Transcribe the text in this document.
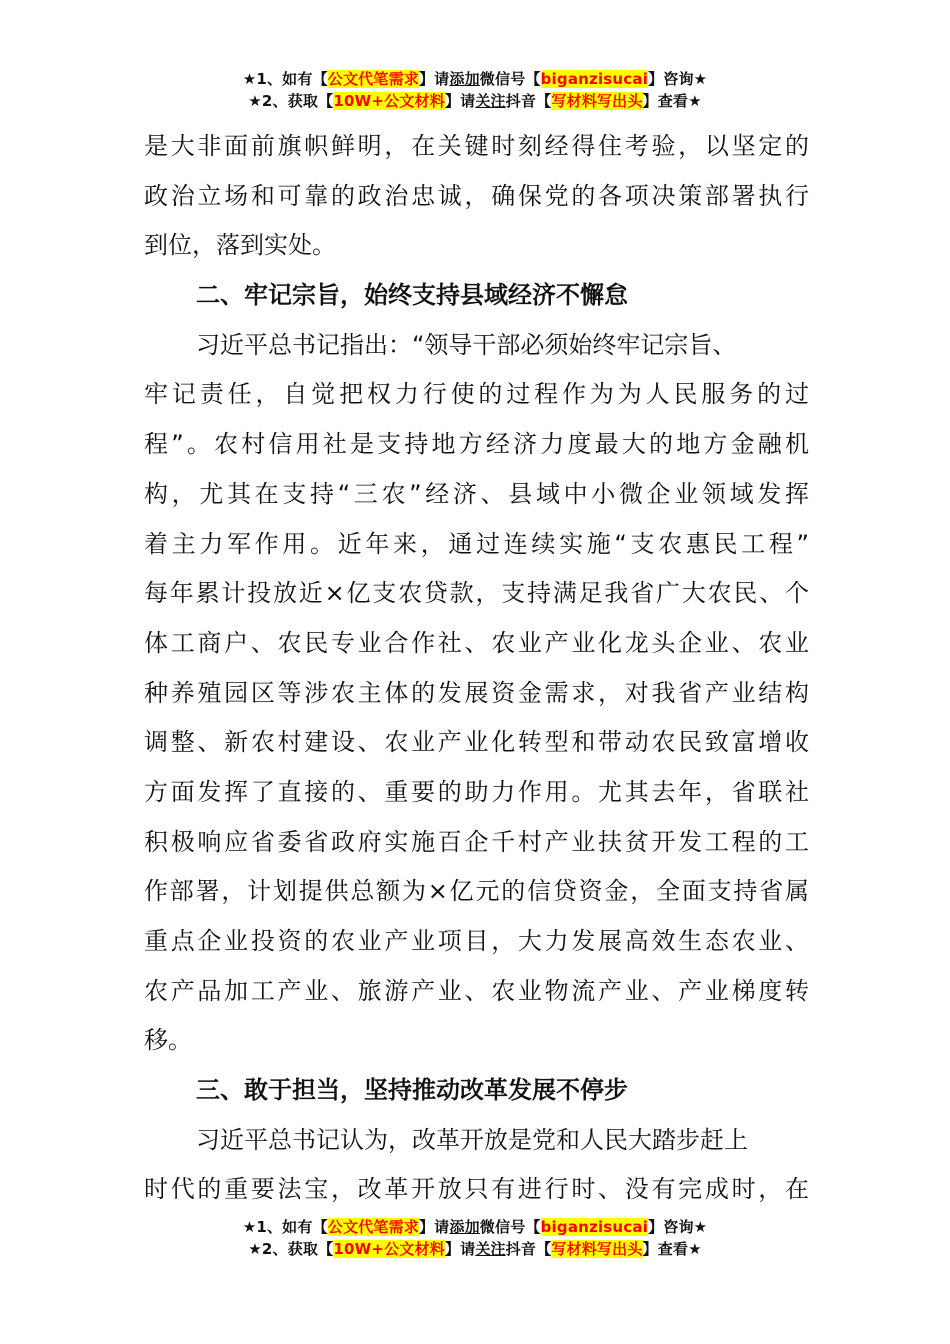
★1、如有【公文代笔需求】请添加微信号【biganzisucai】咨询★
★2、获取【10W+公文材料】请关注抖音【写材料写出头】查看★
是大非面前旗帜鲜明，在关键时刻经得住考验，以坚定的
政治立场和可靠的政治忠诚，确保党的各项决策部署执行
到位，落到实处。
二、牢记宗旨，始终支持县域经济不懈怠
习近平总书记指出：“领导干部必须始终牢记宗旨、
牢记责任，自觉把权力行使的过程作为为人民服务的过
程”。农村信用社是支持地方经济力度最大的地方金融机
构，尤其在支持“三农”经济、县域中小微企业领域发挥
着主力军作用。近年来，通过连续实施“支农惠民工程”
每年累计投放近×亿支农贷款，支持满足我省广大农民、个
体工商户、农民专业合作社、农业产业化龙头企业、农业
种养殖园区等涉农主体的发展资金需求，对我省产业结构
调整、新农村建设、农业产业化转型和带动农民致富增收
方面发挥了直接的、重要的助力作用。尤其去年，省联社
积极响应省委省政府实施百企千村产业扶贫开发工程的工
作部署，计划提供总额为×亿元的信贷资金，全面支持省属
重点企业投资的农业产业项目，大力发展高效生态农业、
农产品加工产业、旅游产业、农业物流产业、产业梯度转
移。
三、敢于担当，坚持推动改革发展不停步
习近平总书记认为，改革开放是党和人民大踏步赶上
时代的重要法宝，改革开放只有进行时、没有完成时，在
★1、如有【公文代笔需求】请添加微信号【biganzisucai】咨询★
★2、获取【10W+公文材料】请关注抖音【写材料写出头】查看★
